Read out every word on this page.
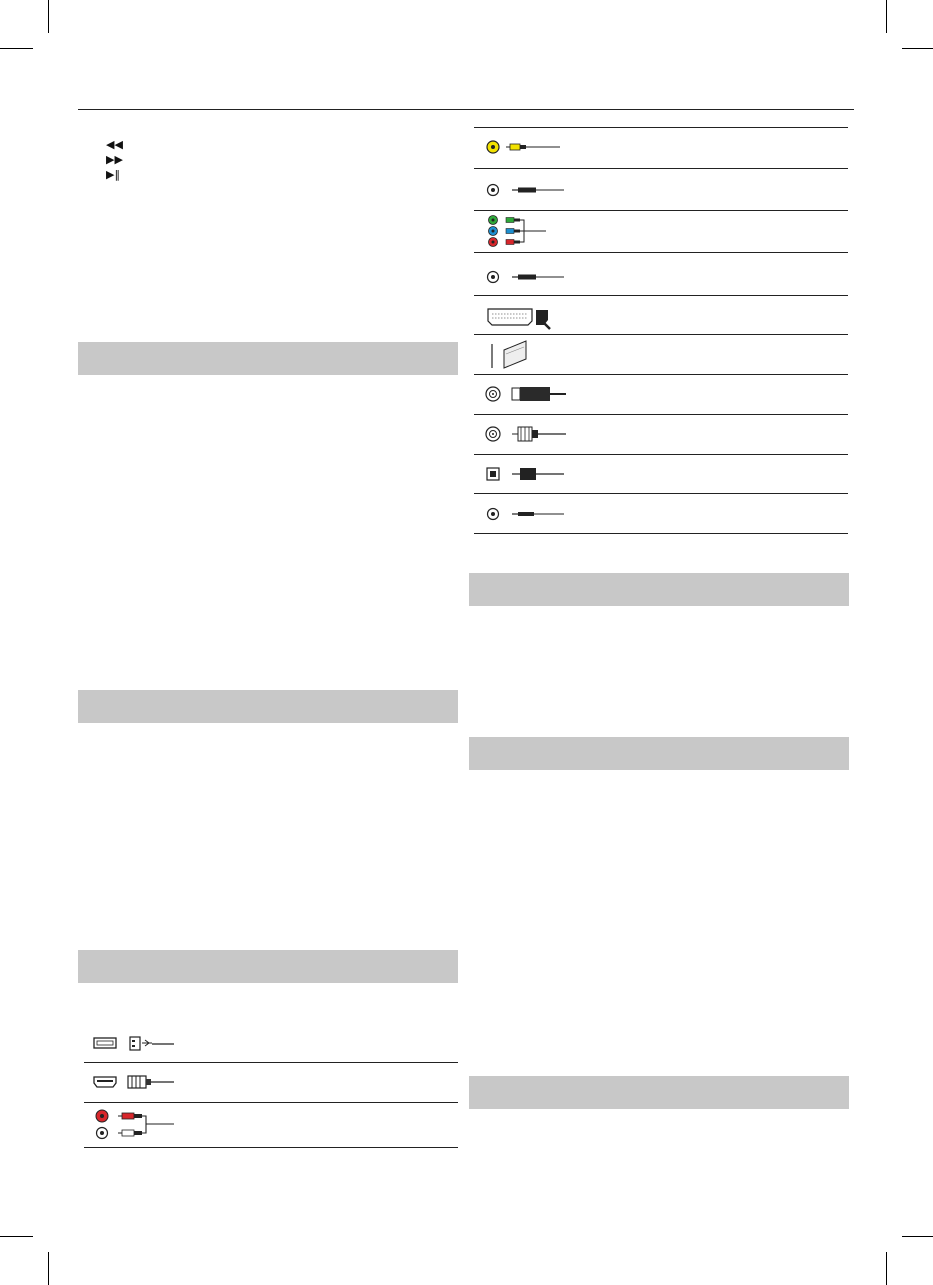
◀◀
▶▶
▶‖
